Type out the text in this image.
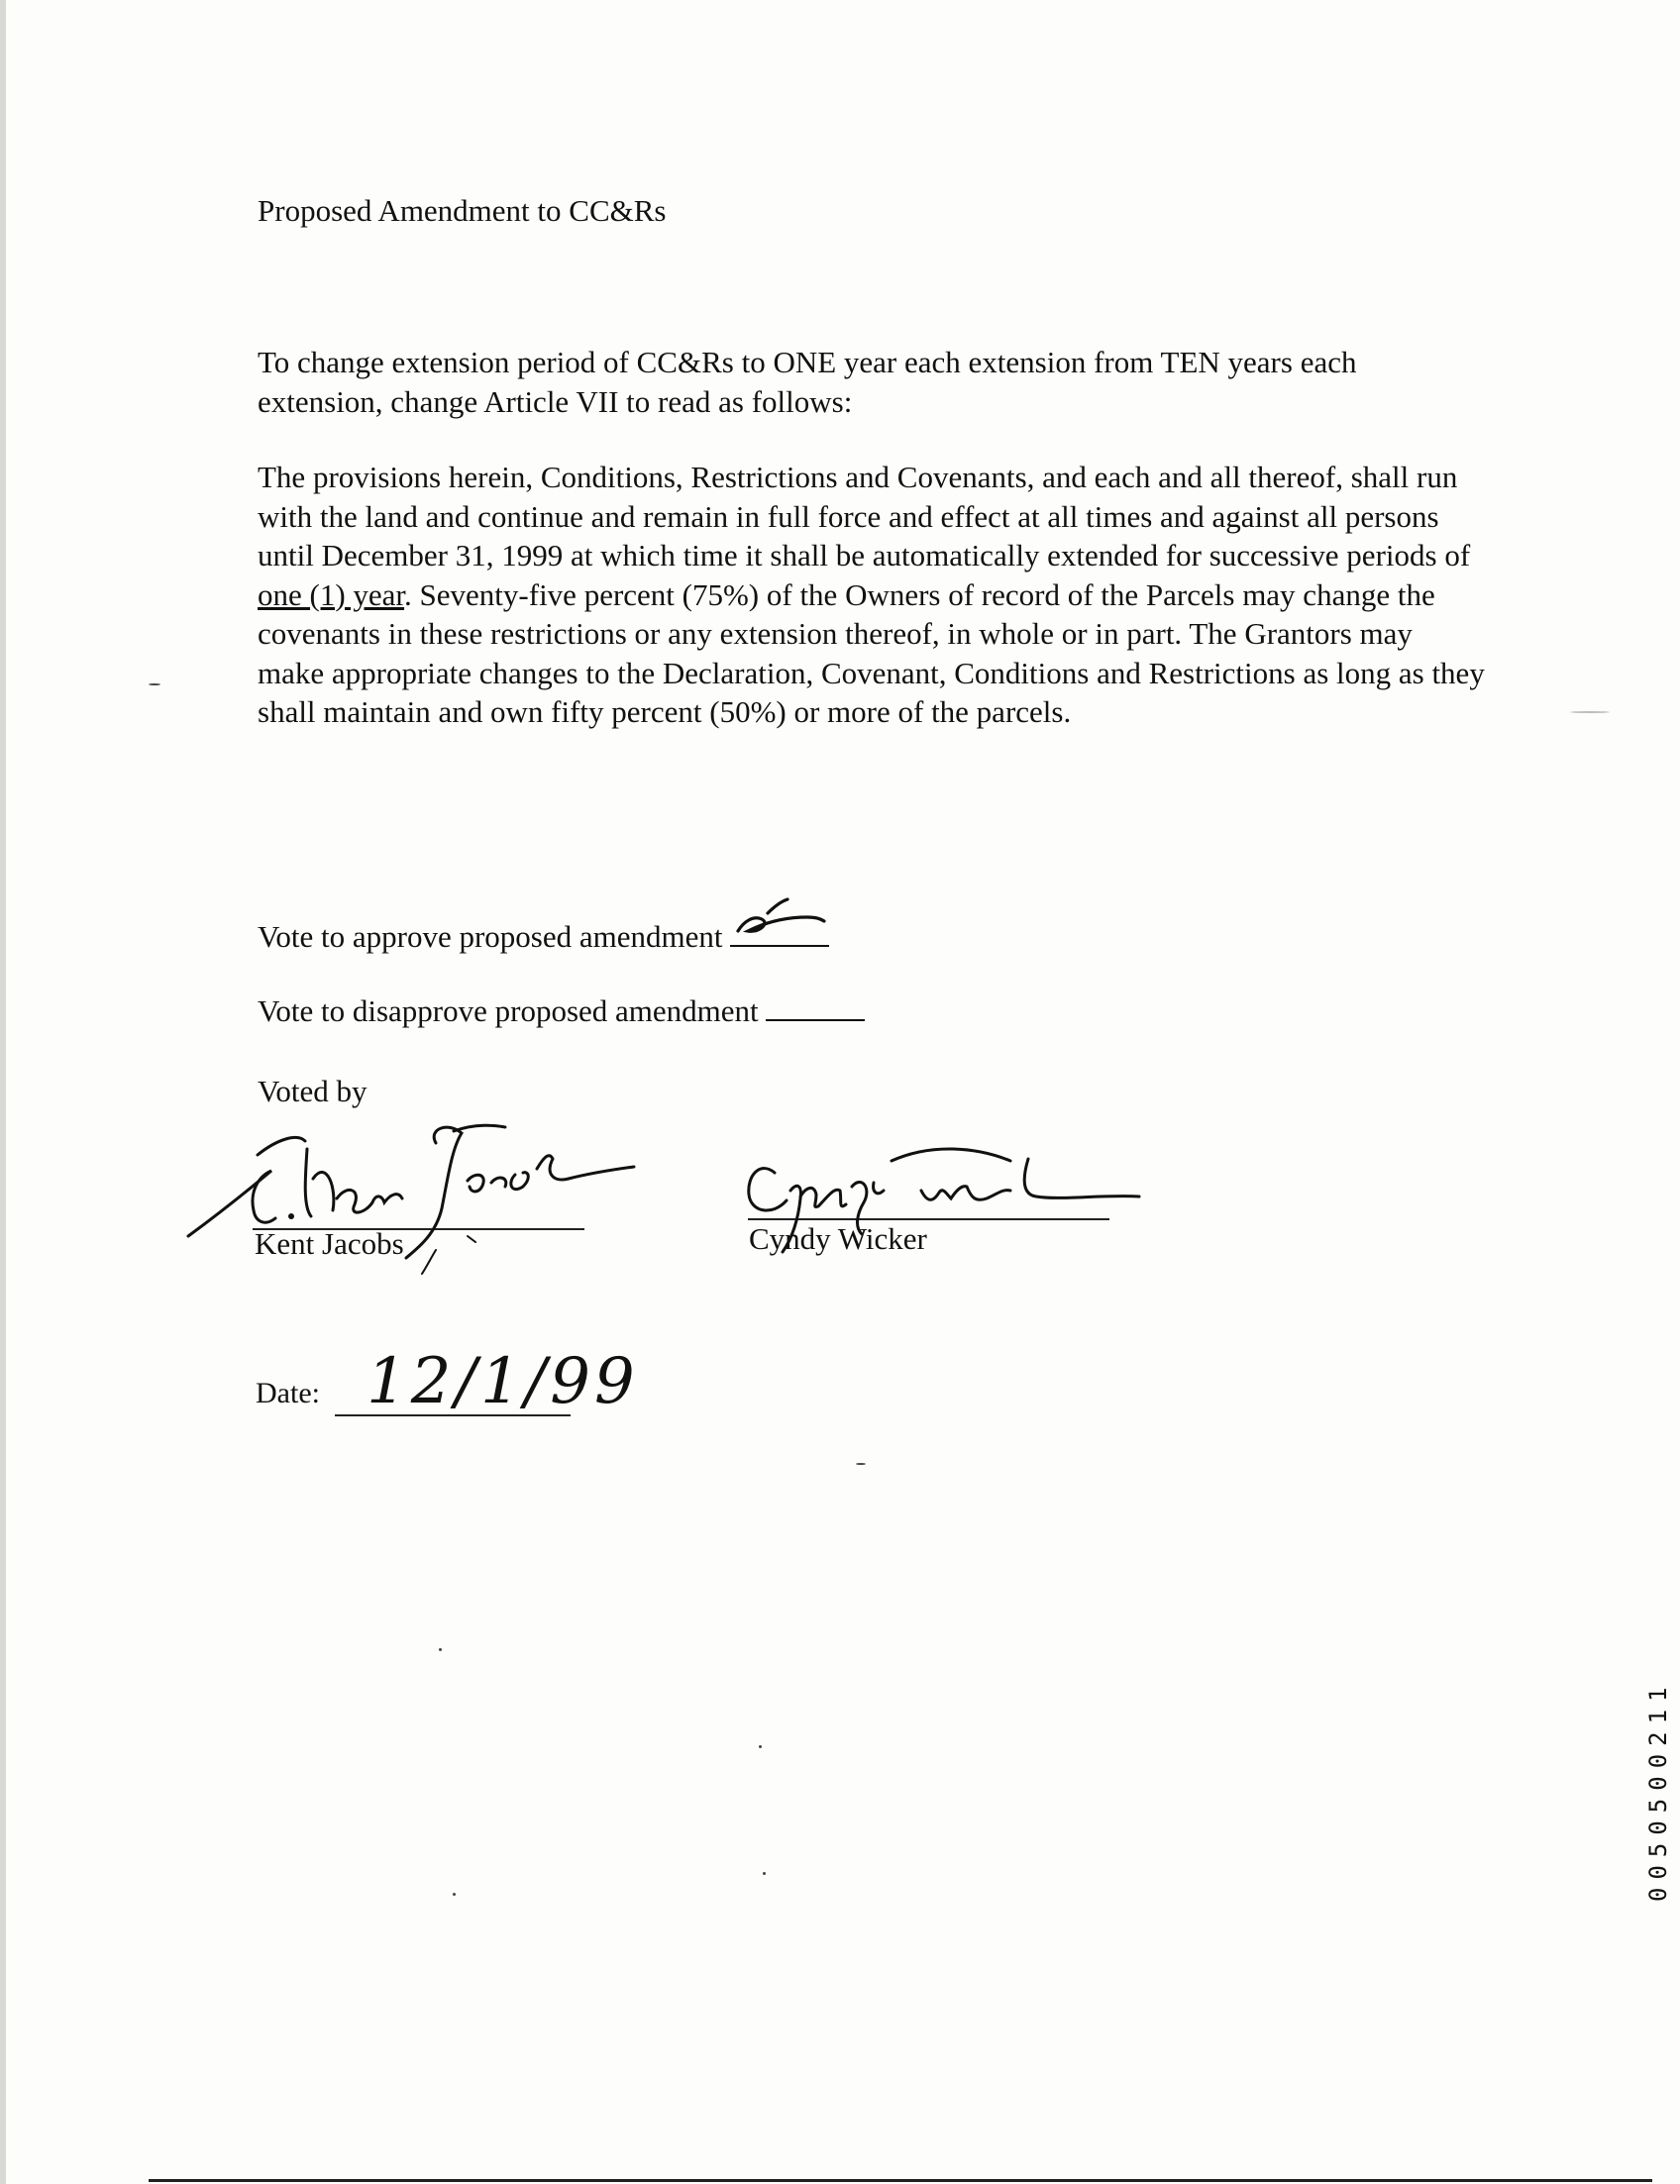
Proposed Amendment to CC&Rs

To change extension period of CC&Rs to ONE year each extension from TEN years each extension, change Article VII to read as follows:

The provisions herein, Conditions, Restrictions and Covenants, and each and all thereof, shall run with the land and continue and remain in full force and effect at all times and against all persons until December 31, 1999 at which time it shall be automatically extended for successive periods of one (1) year. Seventy-five percent (75%) of the Owners of record of the Parcels may change the covenants in these restrictions or any extension thereof, in whole or in part. The Grantors may make appropriate changes to the Declaration, Covenant, Conditions and Restrictions as long as they shall maintain and own fifty percent (50%) or more of the parcels.

Vote to approve proposed amendment
Vote to disapprove proposed amendment
Voted by
Kent Jacobs	Cyndy Wicker
Date: 12/1/99
0050500211
